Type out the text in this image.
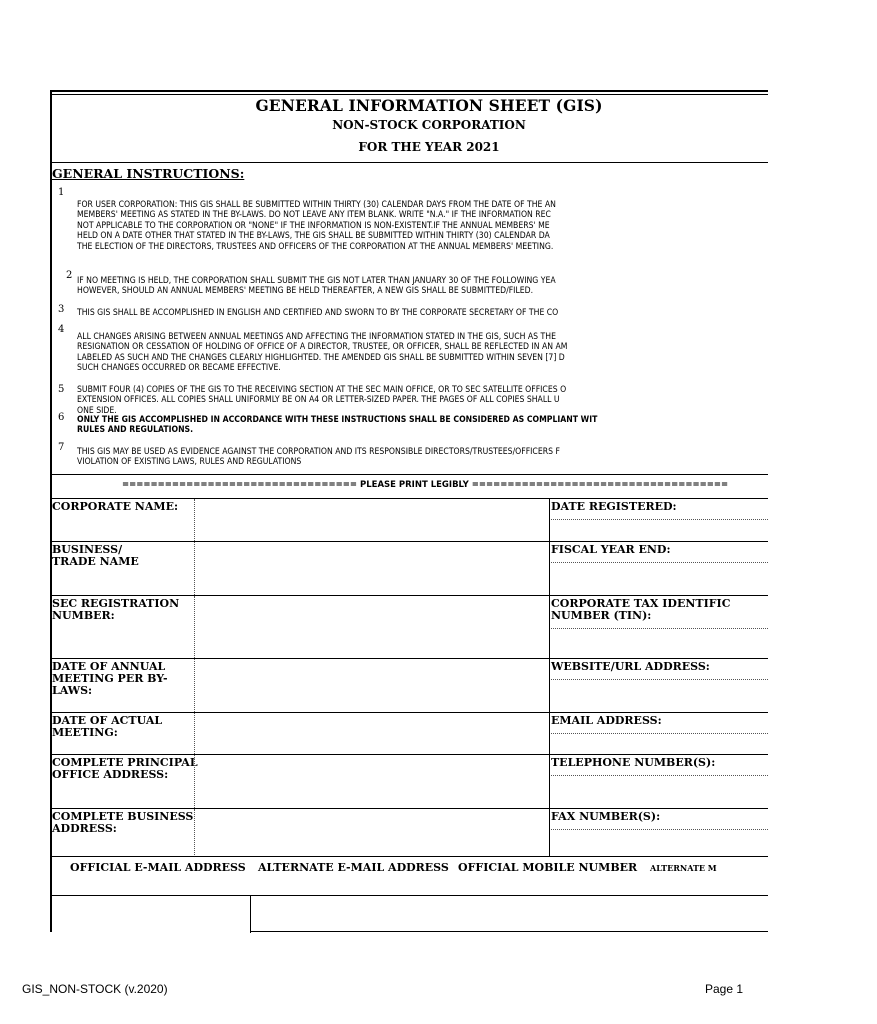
GENERAL INFORMATION SHEET (GIS)
NON-STOCK CORPORATION
FOR THE YEAR 2021
GENERAL INSTRUCTIONS:
1
FOR USER CORPORATION: THIS GIS SHALL BE SUBMITTED WITHIN THIRTY (30) CALENDAR DAYS FROM THE DATE OF THE AN
MEMBERS' MEETING AS STATED IN THE BY-LAWS. DO NOT LEAVE ANY ITEM BLANK. WRITE "N.A." IF THE INFORMATION REC
NOT APPLICABLE TO THE CORPORATION OR "NONE" IF THE INFORMATION IS NON-EXISTENT.IF THE ANNUAL MEMBERS' ME
HELD ON A DATE OTHER THAT STATED IN THE BY-LAWS, THE GIS SHALL BE SUBMITTED WITHIN THIRTY (30) CALENDAR DA
THE ELECTION OF THE DIRECTORS, TRUSTEES AND OFFICERS OF THE CORPORATION AT THE ANNUAL MEMBERS' MEETING.
2 IF NO MEETING IS HELD, THE CORPORATION SHALL SUBMIT THE GIS NOT LATER THAN JANUARY 30 OF THE FOLLOWING YEA
HOWEVER, SHOULD AN ANNUAL MEMBERS' MEETING BE HELD THEREAFTER, A NEW GIS SHALL BE SUBMITTED/FILED.
3 THIS GIS SHALL BE ACCOMPLISHED IN ENGLISH AND CERTIFIED AND SWORN TO BY THE CORPORATE SECRETARY OF THE CO
4
ALL CHANGES ARISING BETWEEN ANNUAL MEETINGS AND AFFECTING THE INFORMATION STATED IN THE GIS, SUCH AS THE
RESIGNATION OR CESSATION OF HOLDING OF OFFICE OF A DIRECTOR, TRUSTEE, OR OFFICER, SHALL BE REFLECTED IN AN AM
LABELED AS SUCH AND THE CHANGES CLEARLY HIGHLIGHTED. THE AMENDED GIS SHALL BE SUBMITTED WITHIN SEVEN [7] D
SUCH CHANGES OCCURRED OR BECAME EFFECTIVE.
5 SUBMIT FOUR (4) COPIES OF THE GIS TO THE RECEIVING SECTION AT THE SEC MAIN OFFICE, OR TO SEC SATELLITE OFFICES O
EXTENSION OFFICES. ALL COPIES SHALL UNIFORMLY BE ON A4 OR LETTER-SIZED PAPER. THE PAGES OF ALL COPIES SHALL U
ONE SIDE.
6 ONLY THE GIS ACCOMPLISHED IN ACCORDANCE WITH THESE INSTRUCTIONS SHALL BE CONSIDERED AS COMPLIANT WIT
RULES AND REGULATIONS.
7 THIS GIS MAY BE USED AS EVIDENCE AGAINST THE CORPORATION AND ITS RESPONSIBLE DIRECTORS/TRUSTEES/OFFICERS F
VIOLATION OF EXISTING LAWS, RULES AND REGULATIONS
================================= PLEASE PRINT LEGIBLY ====================================
CORPORATE NAME:	DATE REGISTERED:
BUSINESS/
TRADE NAME
FISCAL YEAR END:
SEC REGISTRATION
NUMBER:
CORPORATE TAX IDENTIFIC
NUMBER (TIN):
DATE OF ANNUAL
MEETING PER BY-
LAWS:
WEBSITE/URL ADDRESS:
DATE OF ACTUAL
MEETING:
EMAIL ADDRESS:
COMPLETE PRINCIPAL
OFFICE ADDRESS:
TELEPHONE NUMBER(S):
COMPLETE BUSINESS
ADDRESS:
FAX NUMBER(S):
OFFICIAL E-MAIL ADDRESS ALTERNATE E-MAIL ADDRESS OFFICIAL MOBILE NUMBER ALTERNATE M
GIS_NON-STOCK (v.2020)	Page 1
